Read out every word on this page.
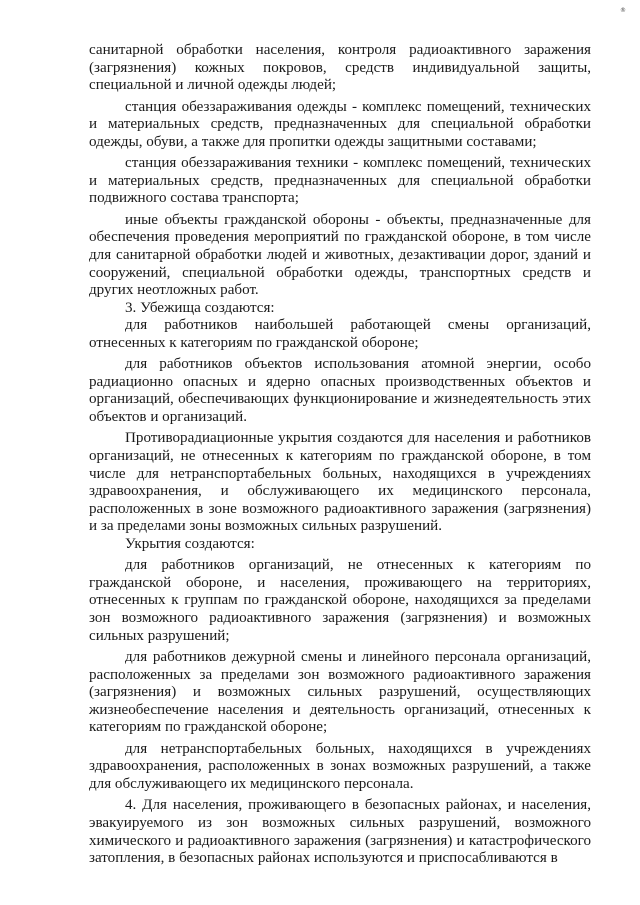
®

санитарной обработки населения, контроля радиоактивного заражения (загрязнения) кожных покровов, средств индивидуальной защиты, специальной и личной одежды людей;

станция обеззараживания одежды - комплекс помещений, технических и материальных средств, предназначенных для специальной обработки одежды, обуви, а также для пропитки одежды защитными составами;

станция обеззараживания техники - комплекс помещений, технических и материальных средств, предназначенных для специальной обработки подвижного состава транспорта;

иные объекты гражданской обороны - объекты, предназначенные для обеспечения проведения мероприятий по гражданской обороне, в том числе для санитарной обработки людей и животных, дезактивации дорог, зданий и сооружений, специальной обработки одежды, транспортных средств и других неотложных работ.

3. Убежища создаются:

для работников наибольшей работающей смены организаций, отнесенных к категориям по гражданской обороне;

для работников объектов использования атомной энергии, особо радиационно опасных и ядерно опасных производственных объектов и организаций, обеспечивающих функционирование и жизнедеятельность этих объектов и организаций.

Противорадиационные укрытия создаются для населения и работников организаций, не отнесенных к категориям по гражданской обороне, в том числе для нетранспортабельных больных, находящихся в учреждениях здравоохранения, и обслуживающего их медицинского персонала, расположенных в зоне возможного радиоактивного заражения (загрязнения) и за пределами зоны возможных сильных разрушений.

Укрытия создаются:

для работников организаций, не отнесенных к категориям по гражданской обороне, и населения, проживающего на территориях, отнесенных к группам по гражданской обороне, находящихся за пределами зон возможного радиоактивного заражения (загрязнения) и возможных сильных разрушений;

для работников дежурной смены и линейного персонала организаций, расположенных за пределами зон возможного радиоактивного заражения (загрязнения) и возможных сильных разрушений, осуществляющих жизнеобеспечение населения и деятельность организаций, отнесенных к категориям по гражданской обороне;

для нетранспортабельных больных, находящихся в учреждениях здравоохранения, расположенных в зонах возможных разрушений, а также для обслуживающего их медицинского персонала.

4. Для населения, проживающего в безопасных районах, и населения, эвакуируемого из зон возможных сильных разрушений, возможного химического и радиоактивного заражения (загрязнения) и катастрофического затопления, в безопасных районах используются и приспосабливаются в
